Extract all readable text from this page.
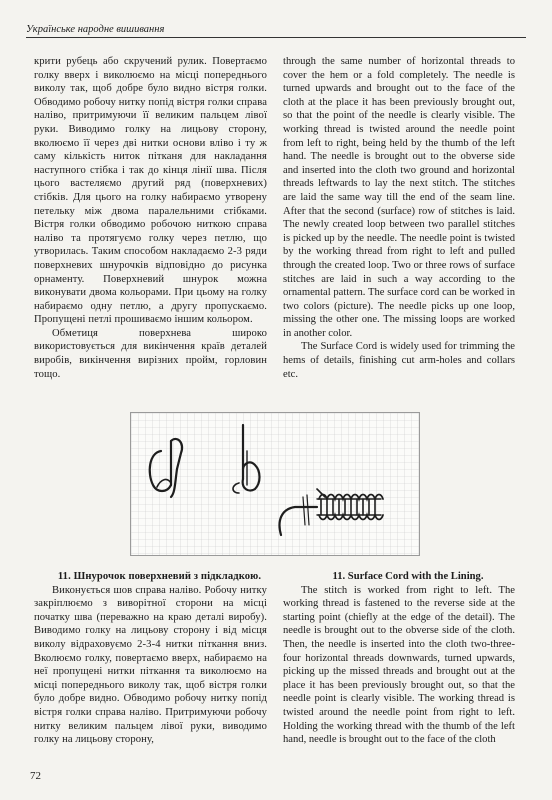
Українське народне вишивання

крити рубець або скручений рулик. Повертаємо голку вверх і виколюємо на місці попереднього виколу так, щоб добре було видно вістря голки. Обводимо робочу нитку попід вістря голки справа наліво, притримуючи її великим пальцем лівої руки. Виводимо голку на лицьову сторону, вколюємо її через дві нитки основи вліво і ту ж саму кількість ниток пітканя для накладання наступного стібка і так до кінця лінії шва. Після цього вастеляємо другий ряд (поверхневих) стібків. Для цього на голку набираємо утворену петельку між двома паралельними стібками. Вістря голки обводимо робочою ниткою справа наліво та протягуємо голку через петлю, що утворилась. Таким способом накладаємо 2-3 ряди поверхневих шнурочків відповідно до рисунка орнаменту. Поверхневий шнурок можна виконувати двома кольорами. При цьому на голку набираємо одну петлю, а другу пропускаємо. Пропущені петлі прошиваємо іншим кольором.

Обметиця поверхнева широко використовується для викінчення країв деталей виробів, викінчення вирізних пройм, горловин тощо.

through the same number of horizontal threads to cover the hem or a fold completely. The needle is turned upwards and brought out to the face of the cloth at the place it has been previously brought out, so that the point of the needle is clearly visible. The working thread is twisted around the needle point from left to right, being held by the thumb of the left hand. The needle is brought out to the obverse side and inserted into the cloth two ground and horizontal threads leftwards to lay the next stitch. The stitches are laid the same way till the end of the seam line. After that the second (surface) row of stitches is laid. The newly created loop between two parallel stitches is picked up by the needle. The needle point is twisted by the working thread from right to left and pulled through the created loop. Two or three rows of surface stitches are laid in such a way according to the ornamental pattern. The surface cord can be worked in two colors (picture). The needle picks up one loop, missing the other one. The missing loops are worked in another color.

The Surface Cord is widely used for trimming the hems of details, finishing cut arm-holes and collars etc.

11. Шнурочок поверхневий з підкладкою.

Виконується шов справа наліво. Робочу нитку закріплюємо з виворітної сторони на місці початку шва (переважно на краю деталі виробу). Виводимо голку на лицьову сторону і від місця виколу відраховуємо 2-3-4 нитки піткання вниз. Вколюємо голку, повертаємо вверх, набираємо на неї пропущені нитки піткання та виколюємо на місці попереднього виколу так, щоб вістря голки було добре видно. Обводимо робочу нитку попід вістря голки справа наліво. Притримуючи робочу нитку великим пальцем лівої руки, виводимо голку на лицьову сторону,

11. Surface Cord with the Lining.

The stitch is worked from right to left. The working thread is fastened to the reverse side at the starting point (chiefly at the edge of the detail). The needle is brought out to the obverse side of the cloth. Then, the needle is inserted into the cloth two-three-four horizontal threads downwards, turned upwards, picking up the missed threads and brought out at the place it has been previously brought out, so that the needle point is clearly visible. The working thread is twisted around the needle point from right to left. Holding the working thread with the thumb of the left hand, needle is brought out to the face of the cloth

72
